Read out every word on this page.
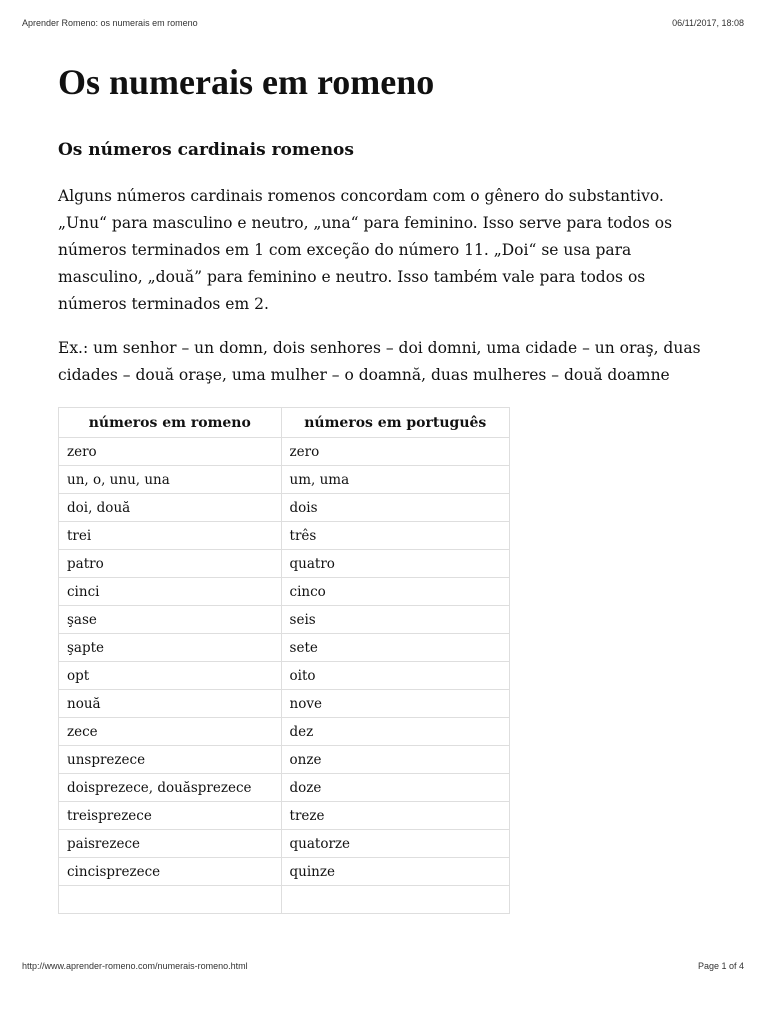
Aprender Romeno: os numerais em romeno	06/11/2017, 18:08
Os numerais em romeno
Os números cardinais romenos

Alguns números cardinais romenos concordam com o gênero do substantivo. „Unu“ para masculino e neutro, „una“ para feminino. Isso serve para todos os números terminados em 1 com exceção do número 11. „Doi“ se usa para masculino, „două” para feminino e neutro. Isso também vale para todos os números terminados em 2.

Ex.: um senhor – un domn, dois senhores – doi domni, uma cidade – un oraş, duas cidades – două oraşe, uma mulher – o doamnă, duas mulheres – două doamne

números em romeno	números em português
zero	zero
un, o, unu, una	um, uma
doi, două	dois
trei	três
patro	quatro
cinci	cinco
şase	seis
şapte	sete
opt	oito
nouă	nove
zece	dez
unsprezece	onze
doisprezece, douăsprezece	doze
treisprezece	treze
paisrezece	quatorze
cincisprezece	quinze

http://www.aprender-romeno.com/numerais-romeno.html	Page 1 of 4
